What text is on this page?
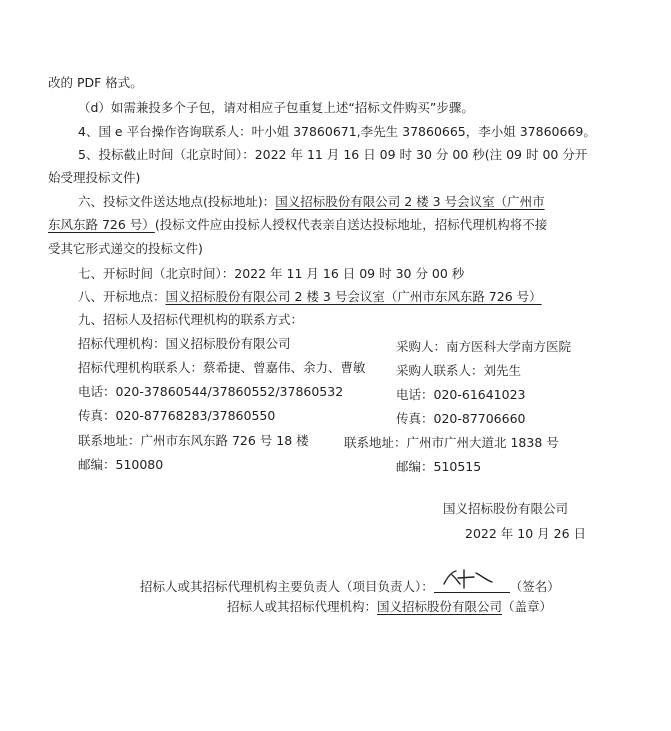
改的 PDF 格式。
（d）如需兼投多个子包，请对相应子包重复上述“招标文件购买”步骤。
4、国 e 平台操作咨询联系人：叶小姐 37860671,李先生 37860665，李小姐 37860669。
5、投标截止时间（北京时间）：2022 年 11 月 16 日 09 时 30 分 00 秒(注 09 时 00 分开
始受理投标文件)
六、投标文件送达地点(投标地址)：国义招标股份有限公司 2 楼 3 号会议室（广州市
东风东路 726 号）(投标文件应由投标人授权代表亲自送达投标地址，招标代理机构将不接
受其它形式递交的投标文件)
七、开标时间（北京时间）：2022 年 11 月 16 日 09 时 30 分 00 秒
八、开标地点：国义招标股份有限公司 2 楼 3 号会议室（广州市东风东路 726 号）
九、招标人及招标代理机构的联系方式：
招标代理机构：国义招标股份有限公司
招标代理机构联系人：蔡希捷、曾嘉伟、余力、曹敏
电话：020-37860544/37860552/37860532
传真：020-87768283/37860550
联系地址：广州市东风东路 726 号 18 楼
邮编：510080
采购人：南方医科大学南方医院
采购人联系人：刘先生
电话：020-61641023
传真：020-87706660
联系地址：广州市广州大道北 1838 号
邮编：510515
国义招标股份有限公司
2022 年 10 月 26 日
招标人或其招标代理机构主要负责人（项目负责人）：	（签名）
招标人或其招标代理机构：国义招标股份有限公司（盖章）
